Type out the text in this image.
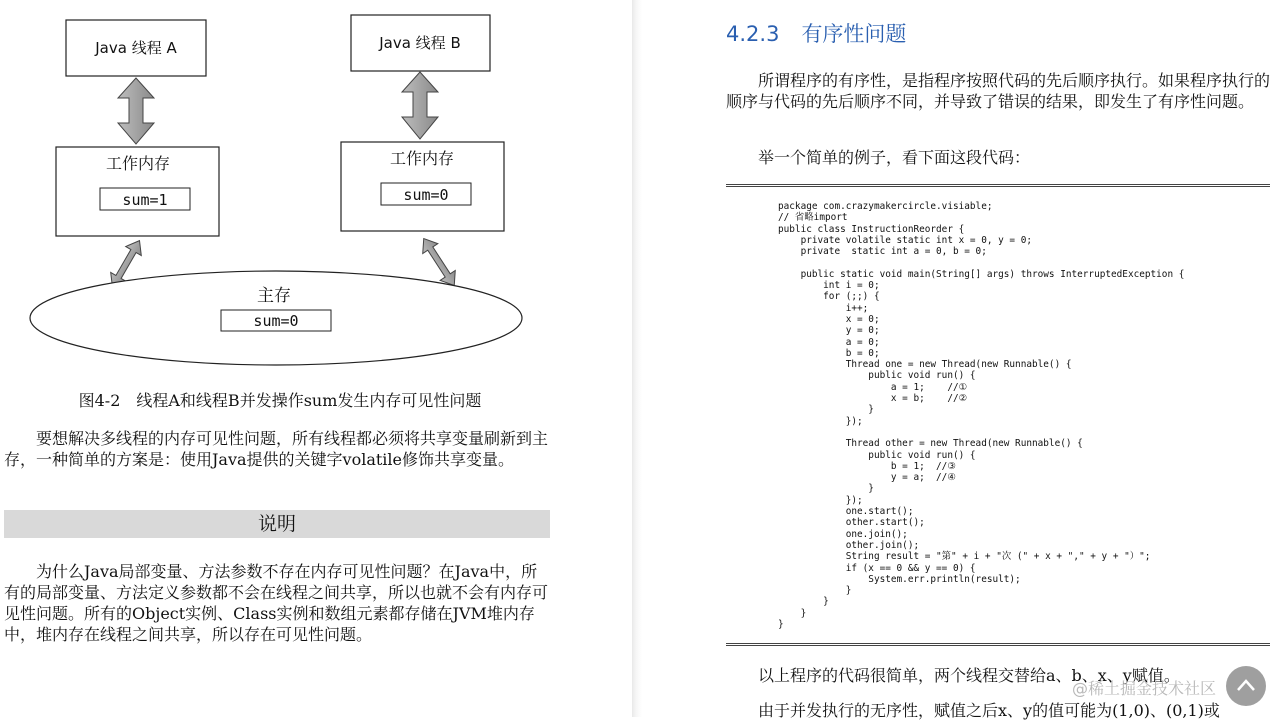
Java 线程 A	Java 线程 B
工作内存
sum=1
工作内存
sum=0
主存
sum=0
图4-2　线程A和线程B并发操作sum发生内存可见性问题

要想解决多线程的内存可见性问题，所有线程都必须将共享变量刷新到主存，一种简单的方案是：使用Java提供的关键字volatile修饰共享变量。

说明

为什么Java局部变量、方法参数不存在内存可见性问题？在Java中，所有的局部变量、方法定义参数都不会在线程之间共享，所以也就不会有内存可见性问题。所有的Object实例、Class实例和数组元素都存储在JVM堆内存中，堆内存在线程之间共享，所以存在可见性问题。

4.2.3 有序性问题

所谓程序的有序性，是指程序按照代码的先后顺序执行。如果程序执行的顺序与代码的先后顺序不同，并导致了错误的结果，即发生了有序性问题。

举一个简单的例子，看下面这段代码：

package com.crazymakercircle.visiable;
// 省略import
public class InstructionReorder {
private volatile static int x = 0, y = 0;
private  static int a = 0, b = 0;

public static void main(String[] args) throws InterruptedException {
int i = 0;
for (;;) {
i++;
x = 0;
y = 0;
a = 0;
b = 0;
Thread one = new Thread(new Runnable() {
public void run() {
a = 1;    //①
x = b;    //②
}
});

Thread other = new Thread(new Runnable() {
public void run() {
b = 1;  //③
y = a;  //④
}
});
one.start();
other.start();
one.join();
other.join();
String result = "第" + i + "次 (" + x + "," + y + "）";
if (x == 0 && y == 0) {
System.err.println(result);
}
}
}
}

以上程序的代码很简单，两个线程交替给a、b、x、y赋值。

由于并发执行的无序性，赋值之后x、y的值可能为(1,0)、(0,1)或

@稀土掘金技术社区
